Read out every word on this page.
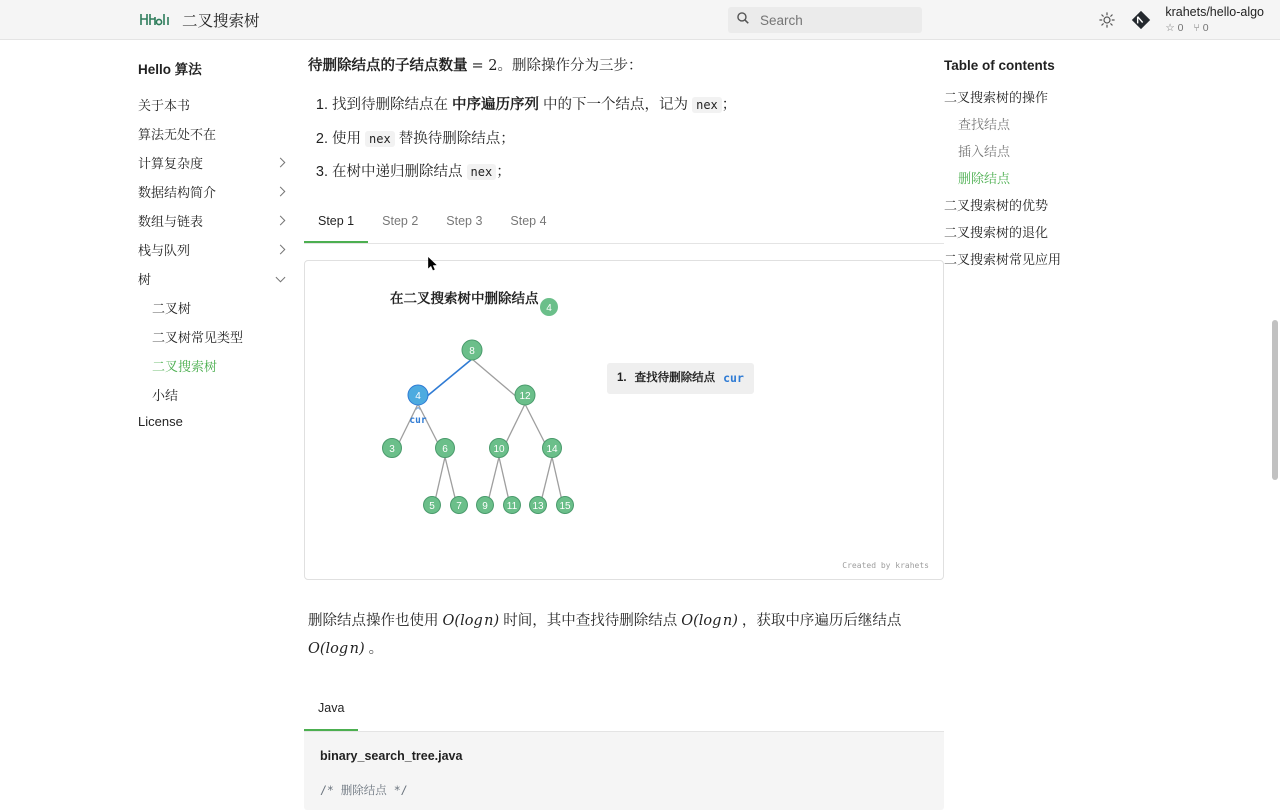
二叉搜索树
Search
krahets/hello-algo
☆ 0 ⑂ 0
Hello 算法
关于本书
算法无处不在
计算复杂度
数据结构简介
数组与链表
栈与队列
树
二叉树
二叉树常见类型
二叉搜索树
小结
License

待删除结点的子结点数量 = 2。删除操作分为三步：

1. 找到待删除结点在 中序遍历序列 中的下一个结点，记为 nex ；
2. 使用 nex 替换待删除结点；
3. 在树中递归删除结点 nex ；
Step 1	Step 2	Step 3	Step 4
在二叉搜索树中删除结点
4
8
4	12
3	6	10	14
5 7 9 11 13 15
^
cur
1. 查找待删除结点 cur
Created by krahets

删除结点操作也使用 O(log n) 时间，其中查找待删除结点 O(log n) ，获取中序遍历后继结点 O(log n) 。

Java
binary_search_tree.java
/* 删除结点 */
Table of contents
二叉搜索树的操作
查找结点
插入结点
删除结点
二叉搜索树的优势
二叉搜索树的退化
二叉搜索树常见应用
